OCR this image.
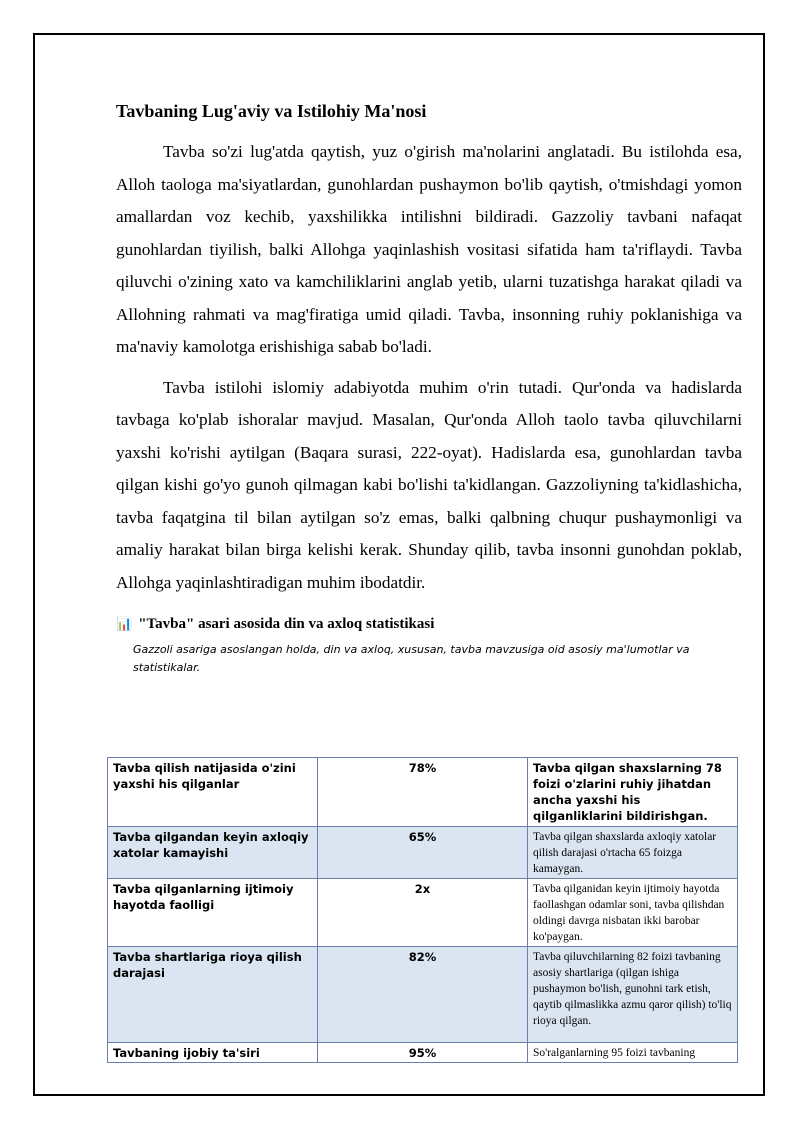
Tavbaning Lug'aviy va Istilohiy Ma'nosi

Tavba so'zi lug'atda qaytish, yuz o'girish ma'nolarini anglatadi. Bu istilohda esa, Alloh taologa ma'siyatlardan, gunohlardan pushaymon bo'lib qaytish, o'tmishdagi yomon amallardan voz kechib, yaxshilikka intilishni bildiradi. Gazzoliy tavbani nafaqat gunohlardan tiyilish, balki Allohga yaqinlashish vositasi sifatida ham ta'riflaydi. Tavba qiluvchi o'zining xato va kamchiliklarini anglab yetib, ularni tuzatishga harakat qiladi va Allohning rahmati va mag'firatiga umid qiladi. Tavba, insonning ruhiy poklanishiga va ma'naviy kamolotga erishishiga sabab bo'ladi.

Tavba istilohi islomiy adabiyotda muhim o'rin tutadi. Qur'onda va hadislarda tavbaga ko'plab ishoralar mavjud. Masalan, Qur'onda Alloh taolo tavba qiluvchilarni yaxshi ko'rishi aytilgan (Baqara surasi, 222-oyat). Hadislarda esa, gunohlardan tavba qilgan kishi go'yo gunoh qilmagan kabi bo'lishi ta'kidlangan. Gazzoliyning ta'kidlashicha, tavba faqatgina til bilan aytilgan so'z emas, balki qalbning chuqur pushaymonligi va amaliy harakat bilan birga kelishi kerak. Shunday qilib, tavba insonni gunohdan poklab, Allohga yaqinlashtiradigan muhim ibodatdir.

📊 "Tavba" asari asosida din va axloq statistikasi
Gazzoli asariga asoslangan holda, din va axloq, xususan, tavba mavzusiga oid asosiy ma'lumotlar va statistikalar.
Tavba qilish natijasida o'zini yaxshi his qilganlar	78%	Tavba qilgan shaxslarning 78 foizi o'zlarini ruhiy jihatdan ancha yaxshi his qilganliklarini bildirishgan.
Tavba qilgandan keyin axloqiy xatolar kamayishi	65%	Tavba qilgan shaxslarda axloqiy xatolar qilish darajasi o'rtacha 65 foizga kamaygan.
Tavba qilganlarning ijtimoiy hayotda faolligi	2x	Tavba qilganidan keyin ijtimoiy hayotda faollashgan odamlar soni, tavba qilishdan oldingi davrga nisbatan ikki barobar ko'paygan.
Tavba shartlariga rioya qilish darajasi	82%	Tavba qiluvchilarning 82 foizi tavbaning asosiy shartlariga (qilgan ishiga pushaymon bo'lish, gunohni tark etish, qaytib qilmaslikka azmu qaror qilish) to'liq rioya qilgan.
Tavbaning ijobiy ta'siri	95%	So'ralganlarning 95 foizi tavbaning
